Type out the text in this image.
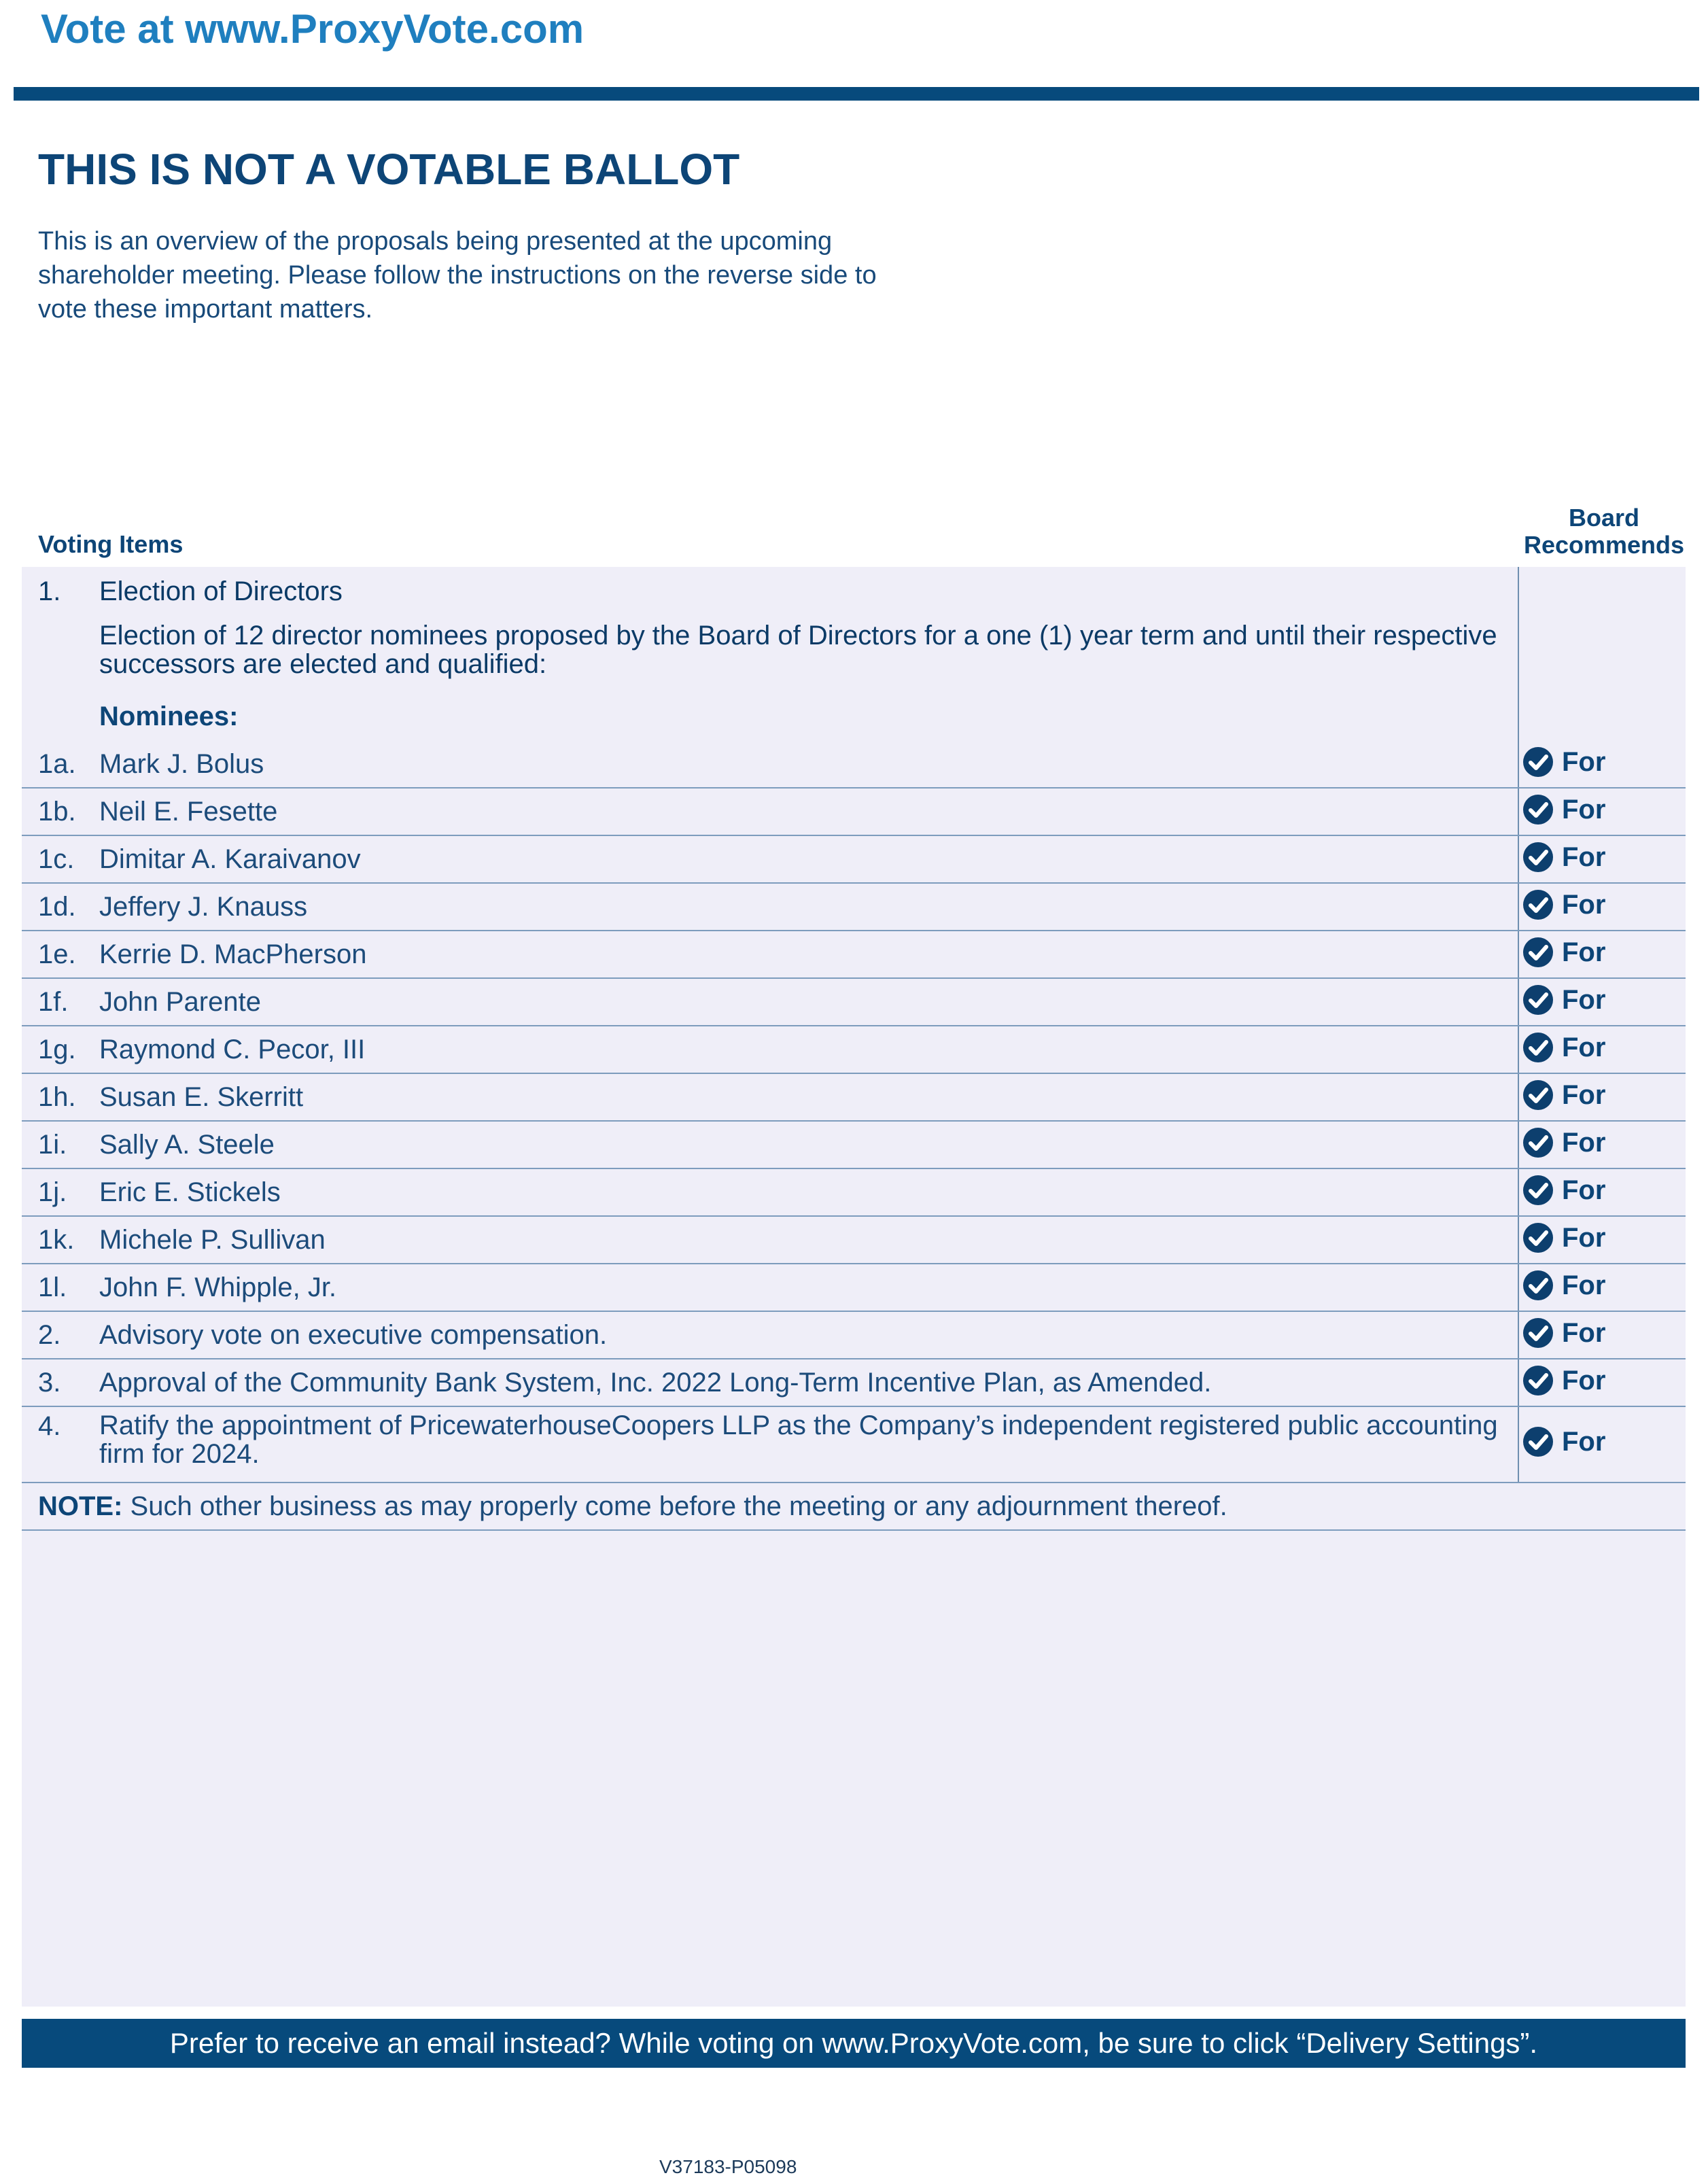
Vote at www.ProxyVote.com
THIS IS NOT A VOTABLE BALLOT
This is an overview of the proposals being presented at the upcoming shareholder meeting. Please follow the instructions on the reverse side to vote these important matters.
Voting Items
Board Recommends
1. Election of Directors
Election of 12 director nominees proposed by the Board of Directors for a one (1) year term and until their respective successors are elected and qualified:
Nominees:
1a. Mark J. Bolus	For
1b. Neil E. Fesette	For
1c. Dimitar A. Karaivanov	For
1d. Jeffery J. Knauss	For
1e. Kerrie D. MacPherson	For
1f. John Parente	For
1g. Raymond C. Pecor, III	For
1h. Susan E. Skerritt	For
1i. Sally A. Steele	For
1j. Eric E. Stickels	For
1k. Michele P. Sullivan	For
1l. John F. Whipple, Jr.	For
2. Advisory vote on executive compensation.	For
3. Approval of the Community Bank System, Inc. 2022 Long-Term Incentive Plan, as Amended.	For
4. Ratify the appointment of PricewaterhouseCoopers LLP as the Company’s independent registered public accounting firm for 2024.	For
NOTE: Such other business as may properly come before the meeting or any adjournment thereof.
Prefer to receive an email instead? While voting on www.ProxyVote.com, be sure to click “Delivery Settings”.
V37183-P05098
